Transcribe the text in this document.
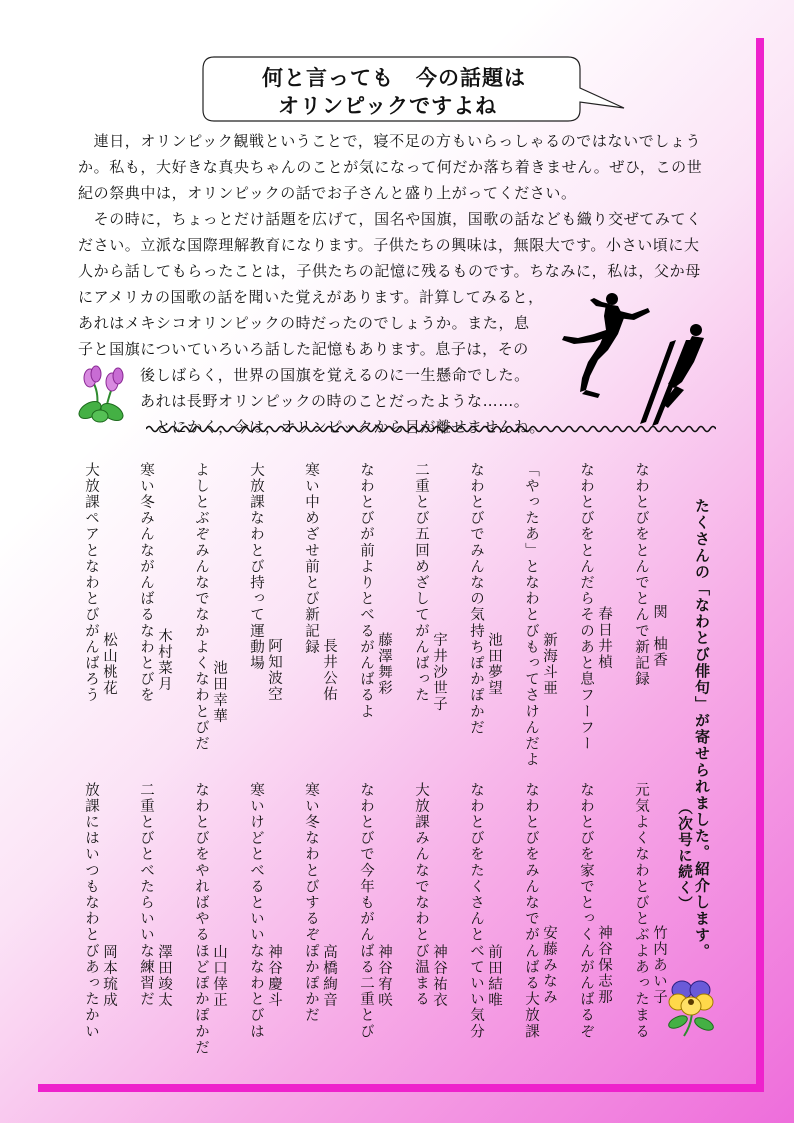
何と言っても　今の話題は
オリンピックですよね
　連日，オリンピック観戦ということで，寝不足の方もいらっしゃるのではないでしょう
か。私も，大好きな真央ちゃんのことが気になって何だか落ち着きません。ぜひ，この世
紀の祭典中は，オリンピックの話でお子さんと盛り上がってください。
　その時に，ちょっとだけ話題を広げて，国名や国旗，国歌の話なども織り交ぜてみてく
ださい。立派な国際理解教育になります。子供たちの興味は，無限大です。小さい頃に大
人から話してもらったことは，子供たちの記憶に残るものです。ちなみに，私は，父か母
にアメリカの国歌の話を聞いた覚えがあります。計算してみると，
あれはメキシコオリンピックの時だったのでしょうか。また，息
子と国旗についていろいろ話した記憶もあります。息子は，その
後しばらく，世界の国旗を覚えるのに一生懸命でした。
あれは長野オリンピックの時のことだったような……。
とにかく，今は，オリンピックから目が離せませんね。
たくさんの「なわとび俳句」が寄せられました。紹介します。
（次号に続く）
なわとびをとんでとんで新記録 関　柚香
なわとびをとんだらそのあと息フーフー 春日井楨
「やったあ」となわとびもってさけんだよ 新海斗亜
なわとびでみんなの気持ちぽかぽかだ 池田夢望
二重とび五回めざしてがんばった 宇井沙世子
なわとびが前よりとべるがんばるよ 藤澤舞彩
寒い中めざせ前とび新記録
長井公佑
大放課なわとび持って運動場 阿知波空
よしとぶぞみんなでなかよくなわとびだ 池田幸華
寒い冬みんながんばるなわとびを 木村菜月
大放課ペアとなわとびがんばろう 松山桃花
元気よくなわとびとぶよあったまる 竹内あい子
なわとびを家でとっくんがんばるぞ 神谷保志那
なわとびをみんなでがんばる大放課 安藤みなみ
なわとびをたくさんとべていい気分 前田結唯
大放課みんなでなわとび温まる 神谷祐衣
なわとびで今年もがんばる二重とび 神谷宥咲
寒い冬なわとびするぞぽかぽかだ 高橋絢音
寒いけどとべるといいななわとびは 神谷慶斗
なわとびをやればやるほどぽかぽかだ 山口倖正
二重とびとべたらいいな練習だ 澤田竣太
放課にはいつもなわとびあったかい 岡本琉成
